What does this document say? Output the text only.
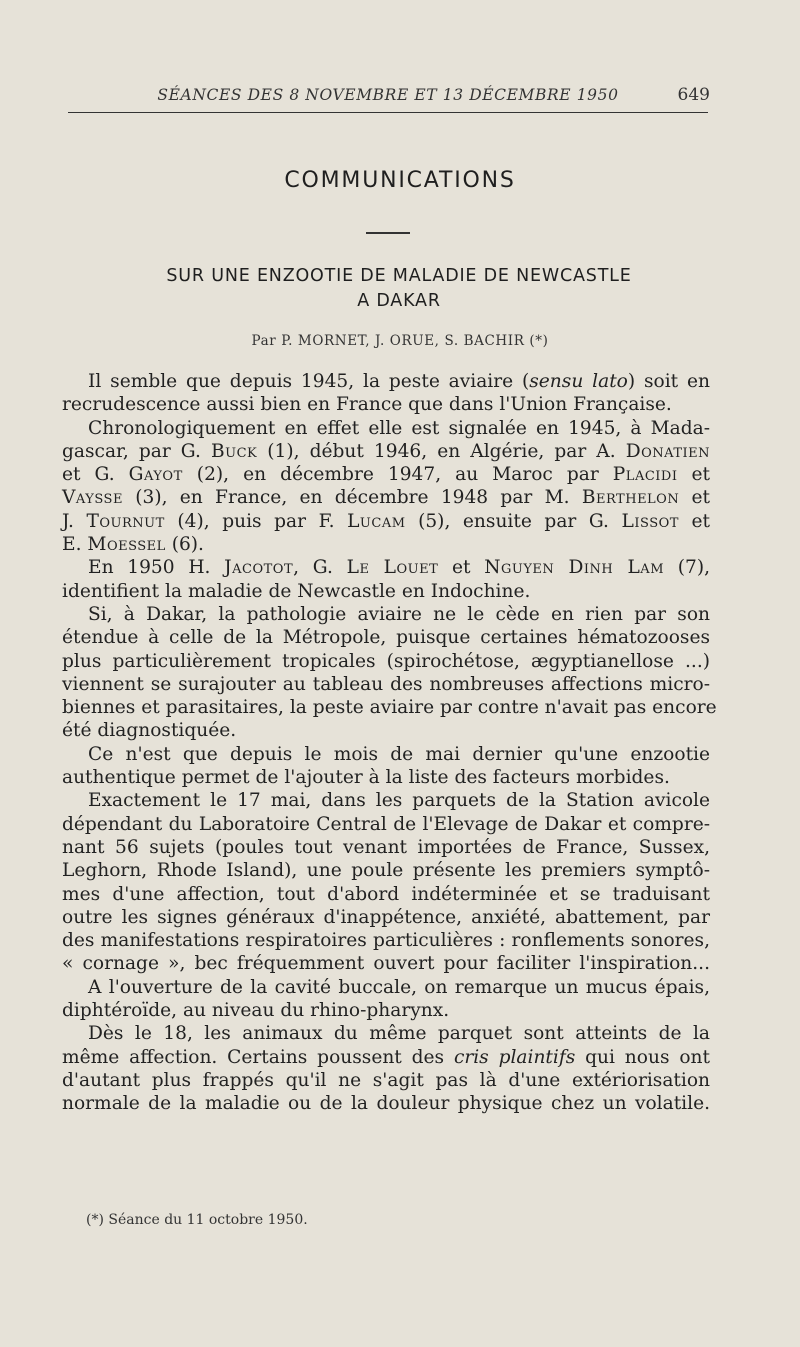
SÉANCES DES 8 NOVEMBRE ET 13 DÉCEMBRE 1950	649
COMMUNICATIONS
SUR UNE ENZOOTIE DE MALADIE DE NEWCASTLE
A DAKAR
Par P. MORNET, J. ORUE, S. BACHIR (*)
Il semble que depuis 1945, la peste aviaire (sensu lato) soit en
recrudescence aussi bien en France que dans l'Union Française.
Chronologiquement en effet elle est signalée en 1945, à Mada-
gascar, par G. Buck (1), début 1946, en Algérie, par A. Donatien
et G. Gayot (2), en décembre 1947, au Maroc par Placidi et
Vaysse (3), en France, en décembre 1948 par M. Berthelon et
J. Tournut (4), puis par F. Lucam (5), ensuite par G. Lissot et
E. Moessel (6).
En 1950 H. Jacotot, G. Le Louet et Nguyen Dinh Lam (7),
identifient la maladie de Newcastle en Indochine.
Si, à Dakar, la pathologie aviaire ne le cède en rien par son
étendue à celle de la Métropole, puisque certaines hématozooses
plus particulièrement tropicales (spirochétose, ægyptianellose ...)
viennent se surajouter au tableau des nombreuses affections micro-
biennes et parasitaires, la peste aviaire par contre n'avait pas encore
été diagnostiquée.
Ce n'est que depuis le mois de mai dernier qu'une enzootie
authentique permet de l'ajouter à la liste des facteurs morbides.
Exactement le 17 mai, dans les parquets de la Station avicole
dépendant du Laboratoire Central de l'Elevage de Dakar et compre-
nant 56 sujets (poules tout venant importées de France, Sussex,
Leghorn, Rhode Island), une poule présente les premiers symptô-
mes d'une affection, tout d'abord indéterminée et se traduisant
outre les signes généraux d'inappétence, anxiété, abattement, par
des manifestations respiratoires particulières : ronflements sonores,
« cornage », bec fréquemment ouvert pour faciliter l'inspiration...
A l'ouverture de la cavité buccale, on remarque un mucus épais,
diphtéroïde, au niveau du rhino-pharynx.
Dès le 18, les animaux du même parquet sont atteints de la
même affection. Certains poussent des cris plaintifs qui nous ont
d'autant plus frappés qu'il ne s'agit pas là d'une extériorisation
normale de la maladie ou de la douleur physique chez un volatile.
(*) Séance du 11 octobre 1950.
